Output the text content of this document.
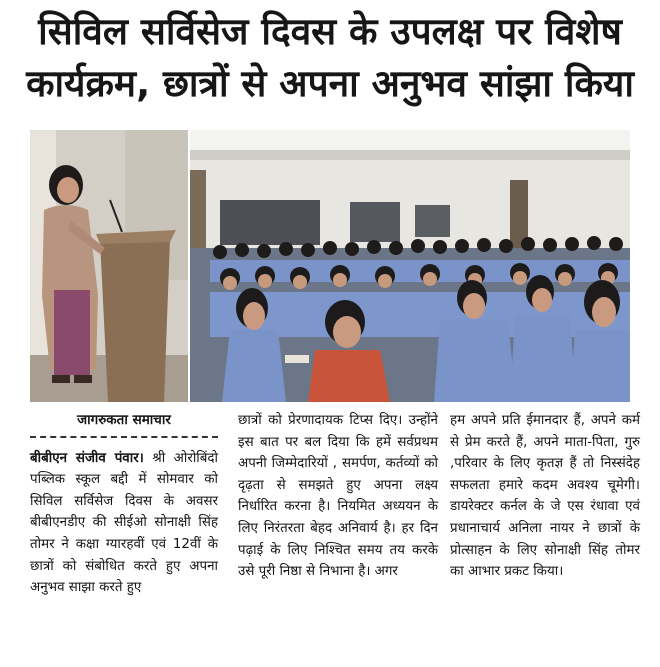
सिविल सर्विसेज दिवस के उपलक्ष पर विशेष
कार्यक्रम, छात्रों से अपना अनुभव सांझा किया
जागरुकता समाचार

बीबीएन संजीव पंवार। श्री ओरोबिंदो पब्लिक स्कूल बद्दी में सोमवार को सिविल सर्विसेज दिवस के अवसर बीबीएनडीए की सीईओ सोनाक्षी सिंह तोमर ने कक्षा ग्यारहवीं एवं 12वीं के छात्रों को संबोधित करते हुए अपना अनुभव साझा करते हुए

छात्रों को प्रेरणादायक टिप्स दिए। उन्होंने इस बात पर बल दिया कि हमें सर्वप्रथम अपनी जिम्मेदारियों , समर्पण, कर्तव्यों को दृढ़ता से समझते हुए अपना लक्ष्य निर्धारित करना है। नियमित अध्ययन के लिए निरंतरता बेहद अनिवार्य है। हर दिन पढ़ाई के लिए निश्चित समय तय करके उसे पूरी निष्ठा से निभाना है। अगर

हम अपने प्रति ईमानदार हैं, अपने कर्म से प्रेम करते हैं, अपने माता-पिता, गुरु ,परिवार के लिए कृतज्ञ हैं तो निस्संदेह सफलता हमारे कदम अवश्य चूमेगी। डायरेक्टर कर्नल के जे एस रंधावा एवं प्रधानाचार्य अनिला नायर ने छात्रों के प्रोत्साहन के लिए सोनाक्षी सिंह तोमर का आभार प्रकट किया।
